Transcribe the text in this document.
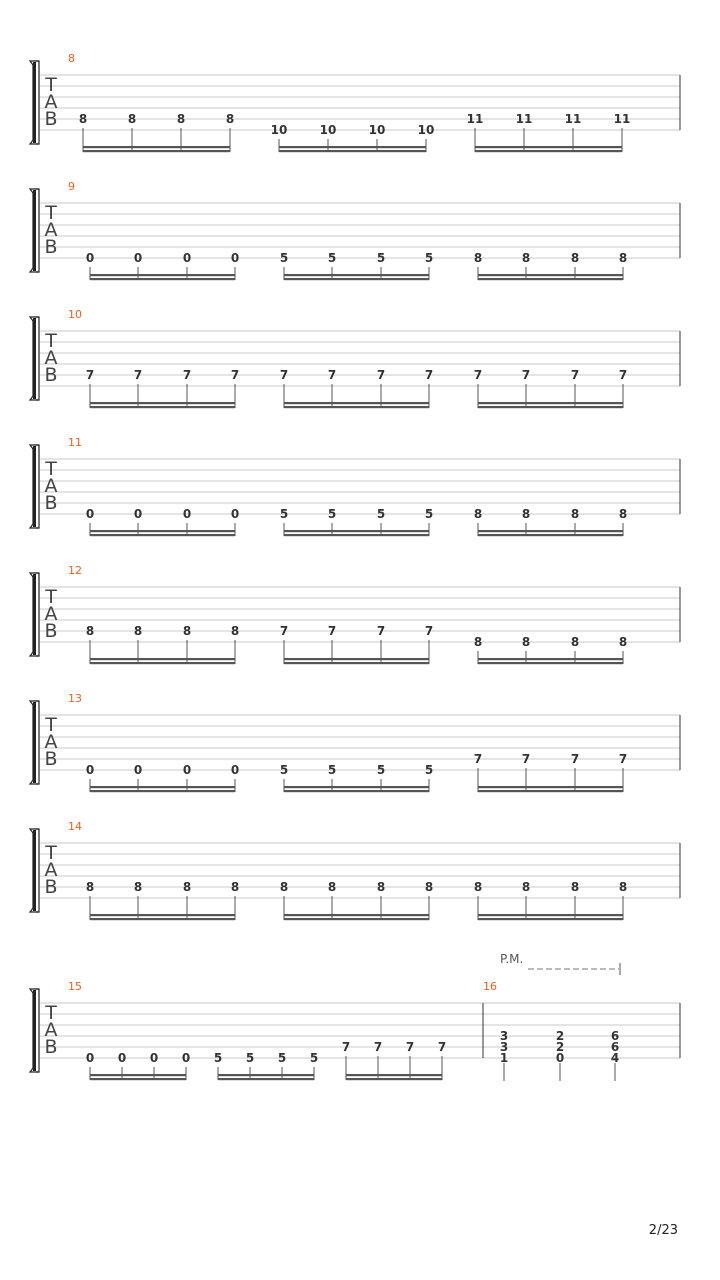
T
A
B
8
8	8	8	8
10	10	10	10
11	11	11	11
T
A
B
9
0	0	0	0	5	5	5	5	8	8	8	8
T
A
B
10
7	7	7	7	7	7	7	7	7	7	7	7
T
A
B
11
0	0	0	0	5	5	5	5	8	8	8	8
T
A
B
12
8	8	8	8	7	7	7	7
8	8	8	8
T
A
B
13
0	0	0	0	5	5	5	5
7	7	7	7
T
A
B
14
8	8	8	8	8	8	8	8	8	8	8	8
T
A
B
15
0 0 0 0 5 5 5 5
7 7 7 7
16
3
3
1
2
2
0
6
6
4
P.M.
2/23
